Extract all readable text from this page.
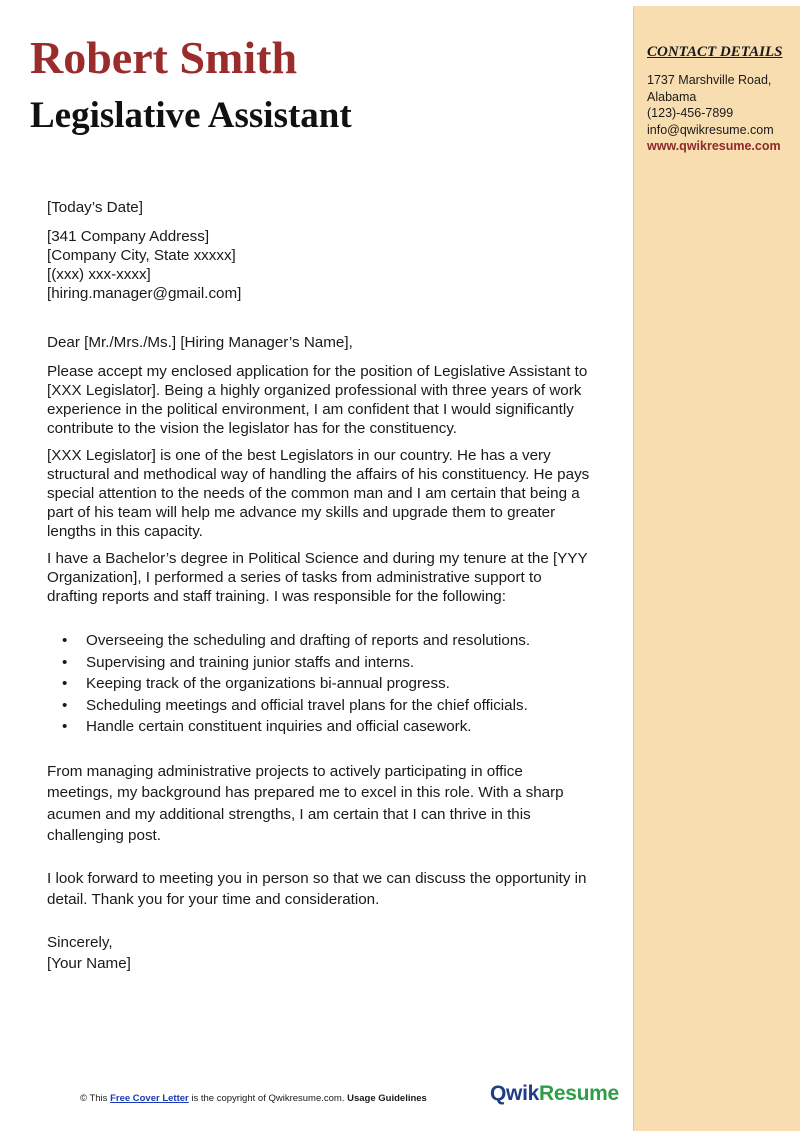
CONTACT DETAILS
1737 Marshville Road,
Alabama
(123)-456-7899
info@qwikresume.com
www.qwikresume.com
Robert Smith
Legislative Assistant

[Today’s Date]

[341 Company Address]

[Company City, State xxxxx]

[(xxx) xxx-xxxx]

[hiring.manager@gmail.com]

Dear [Mr./Mrs./Ms.] [Hiring Manager’s Name],

Please accept my enclosed application for the position of Legislative Assistant to [XXX Legislator]. Being a highly organized professional with three years of work experience in the political environment, I am confident that I would significantly contribute to the vision the legislator has for the constituency.

[XXX Legislator] is one of the best Legislators in our country. He has a very structural and methodical way of handling the affairs of his constituency. He pays special attention to the needs of the common man and I am certain that being a part of his team will help me advance my skills and upgrade them to greater lengths in this capacity.

I have a Bachelor’s degree in Political Science and during my tenure at the [YYY Organization], I performed a series of tasks from administrative support to drafting reports and staff training. I was responsible for the following:

• Overseeing the scheduling and drafting of reports and resolutions.
• Supervising and training junior staffs and interns.
• Keeping track of the organizations bi-annual progress.
• Scheduling meetings and official travel plans for the chief officials.
• Handle certain constituent inquiries and official casework.

From managing administrative projects to actively participating in office meetings, my background has prepared me to excel in this role. With a sharp acumen and my additional strengths, I am certain that I can thrive in this challenging post.

I look forward to meeting you in person so that we can discuss the opportunity in detail. Thank you for your time and consideration.

Sincerely,

[Your Name]

© This Free Cover Letter is the copyright of Qwikresume.com. Usage Guidelines	QwikResume
